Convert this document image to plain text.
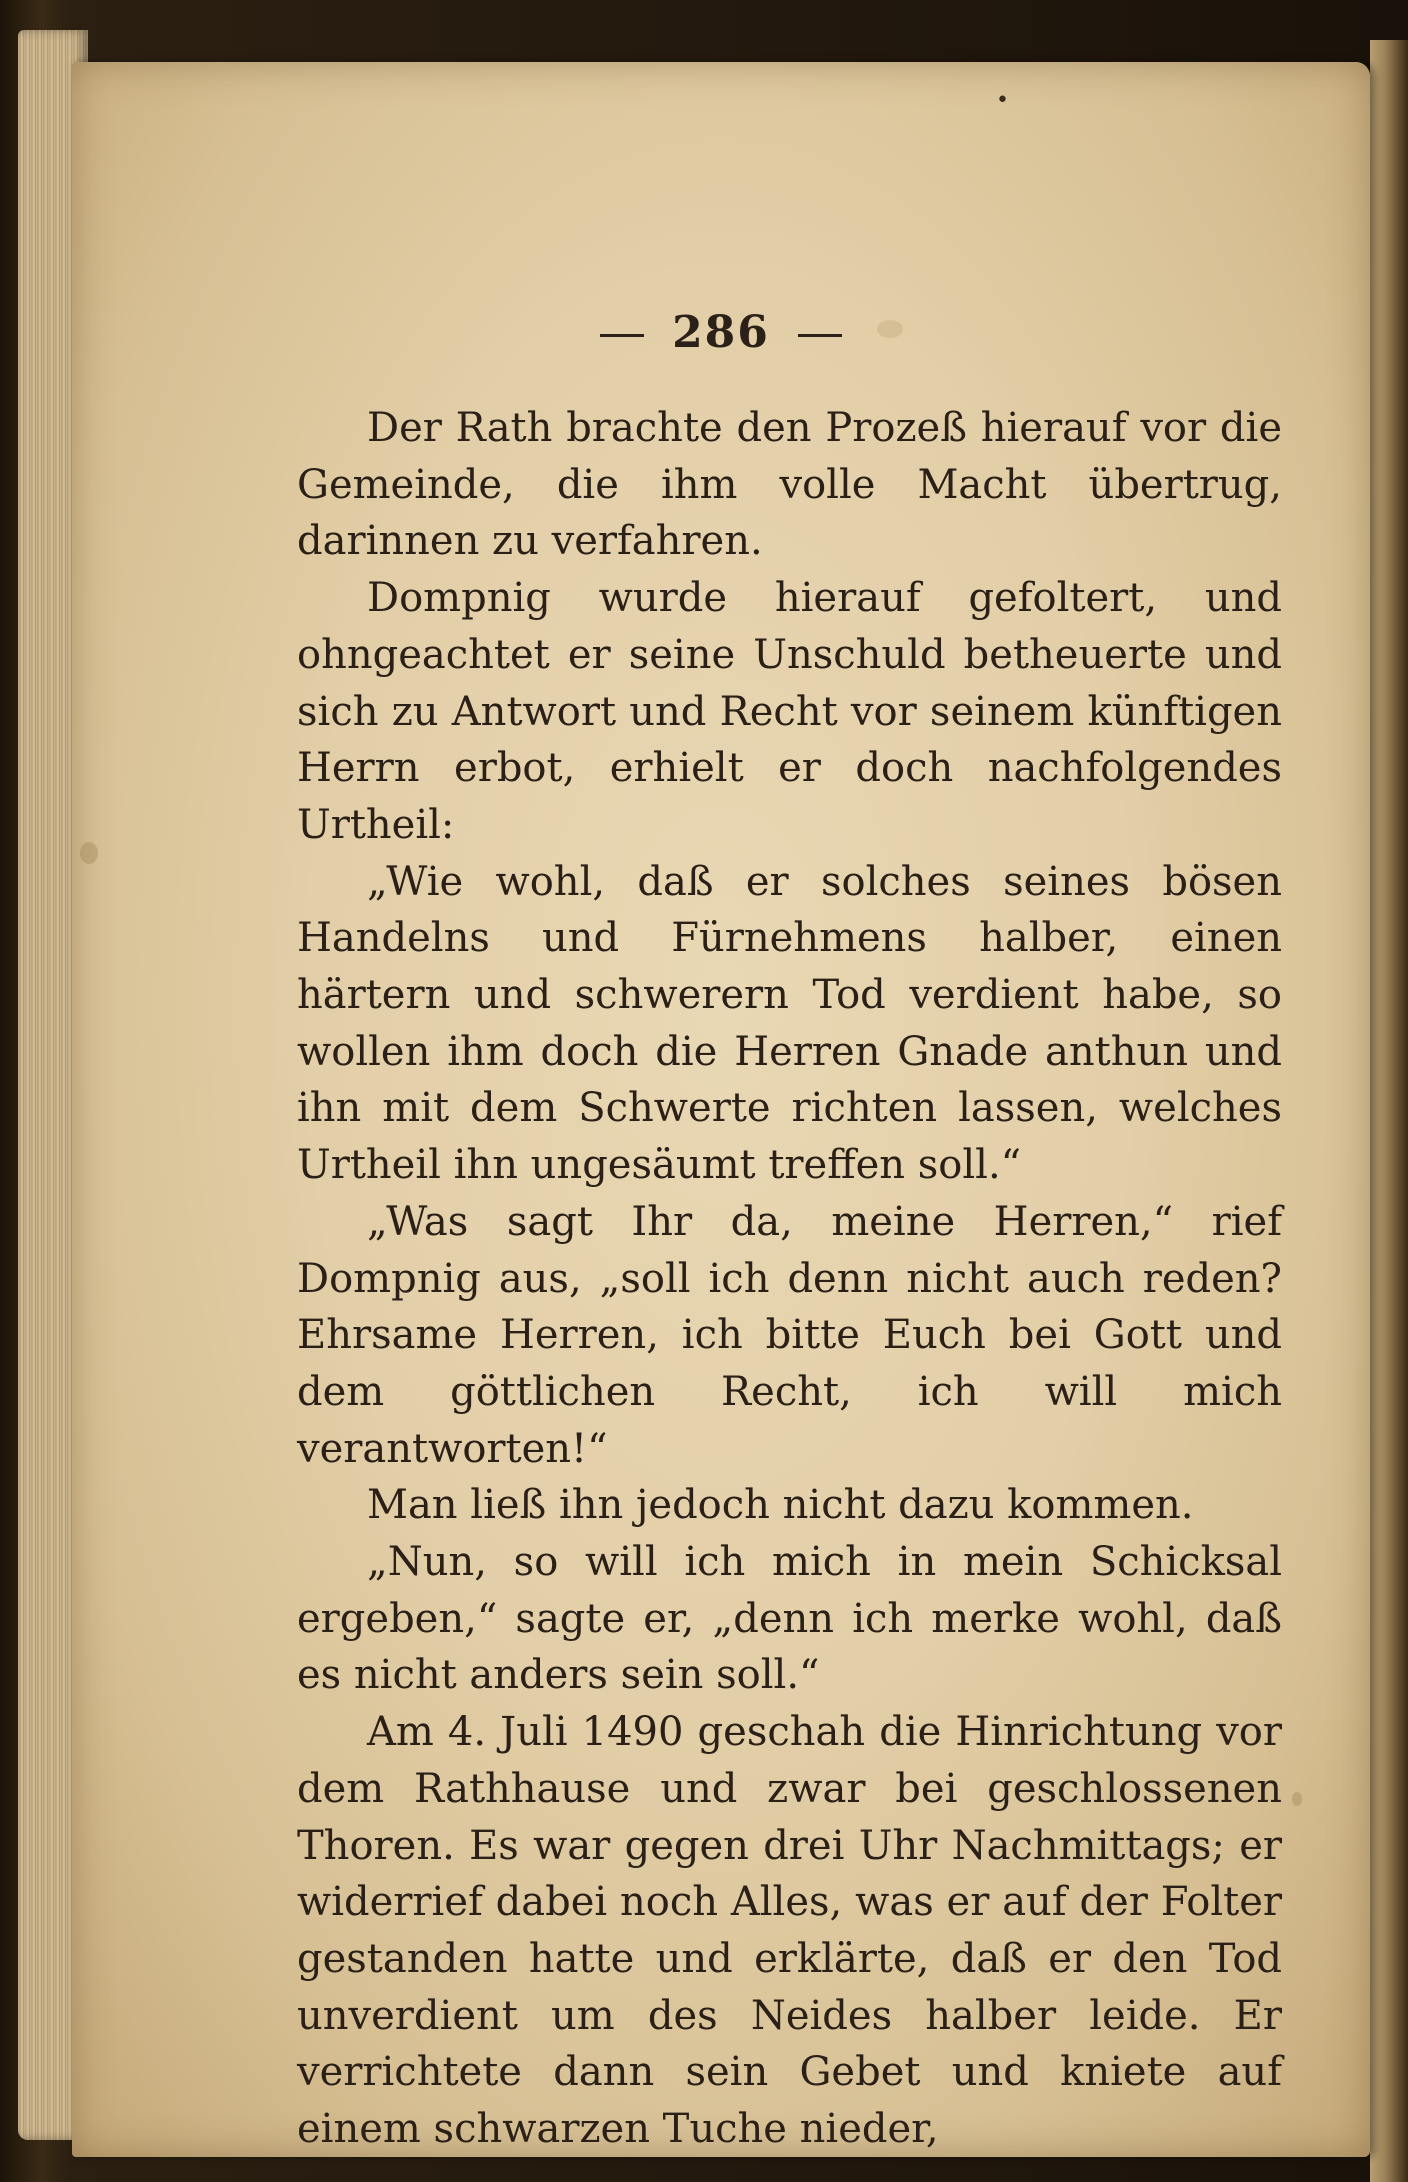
•
286

Der Rath brachte den Prozeß hierauf vor die Gemeinde, die ihm volle Macht übertrug, darinnen zu verfahren.

Dompnig wurde hierauf gefoltert, und ohngeachtet er seine Unschuld betheuerte und sich zu Antwort und Recht vor seinem künftigen Herrn erbot, erhielt er doch nachfolgendes Urtheil:

„Wie wohl, daß er solches seines bösen Handelns und Fürnehmens halber, einen härtern und schwerern Tod verdient habe, so wollen ihm doch die Herren Gnade anthun und ihn mit dem Schwerte richten lassen, welches Urtheil ihn ungesäumt treffen soll.“

„Was sagt Ihr da, meine Herren,“ rief Dompnig aus, „soll ich denn nicht auch reden? Ehrsame Herren, ich bitte Euch bei Gott und dem göttlichen Recht, ich will mich verantworten!“

Man ließ ihn jedoch nicht dazu kommen.

„Nun, so will ich mich in mein Schicksal ergeben,“ sagte er, „denn ich merke wohl, daß es nicht anders sein soll.“

Am 4. Juli 1490 geschah die Hinrichtung vor dem Rathhause und zwar bei geschlossenen Thoren. Es war gegen drei Uhr Nachmittags; er widerrief dabei noch Alles, was er auf der Folter gestanden hatte und erklärte, daß er den Tod unverdient um des Neides halber leide. Er verrichtete dann sein Gebet und kniete auf einem schwarzen Tuche nieder,
